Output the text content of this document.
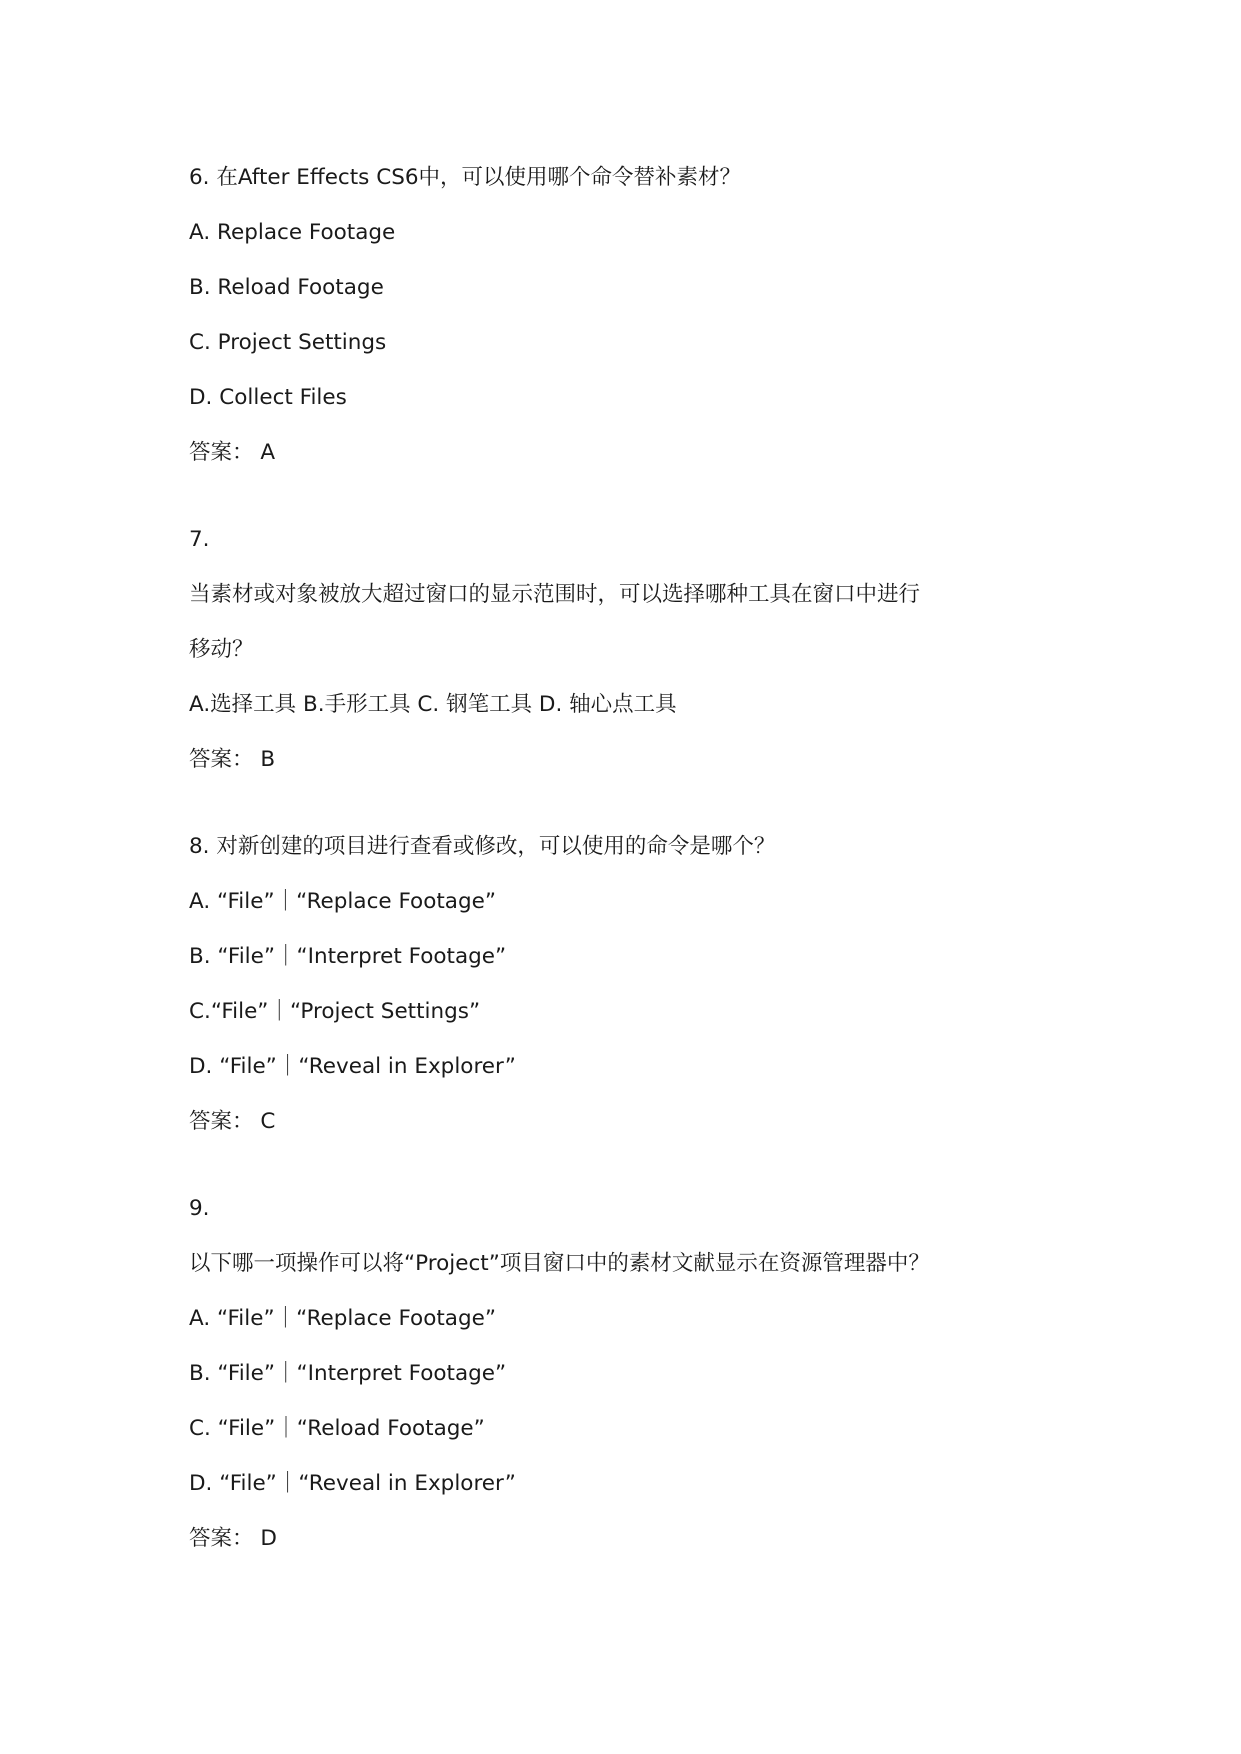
6. 在After Effects CS6中，可以使用哪个命令替补素材？
A. Replace Footage
B. Reload Footage
C. Project Settings
D. Collect Files
答案： A
7.
当素材或对象被放大超过窗口的显示范围时，可以选择哪种工具在窗口中进行
移动？
A.选择工具 B.手形工具 C. 钢笔工具 D. 轴心点工具
答案： B
8. 对新创建的项目进行查看或修改，可以使用的命令是哪个？
A. “File”｜“Replace Footage”
B. “File”｜“Interpret Footage”
C.“File”｜“Project Settings”
D. “File”｜“Reveal in Explorer”
答案： C
9.
以下哪一项操作可以将“Project”项目窗口中的素材文献显示在资源管理器中？
A. “File”｜“Replace Footage”
B. “File”｜“Interpret Footage”
C. “File”｜“Reload Footage”
D. “File”｜“Reveal in Explorer”
答案： D
